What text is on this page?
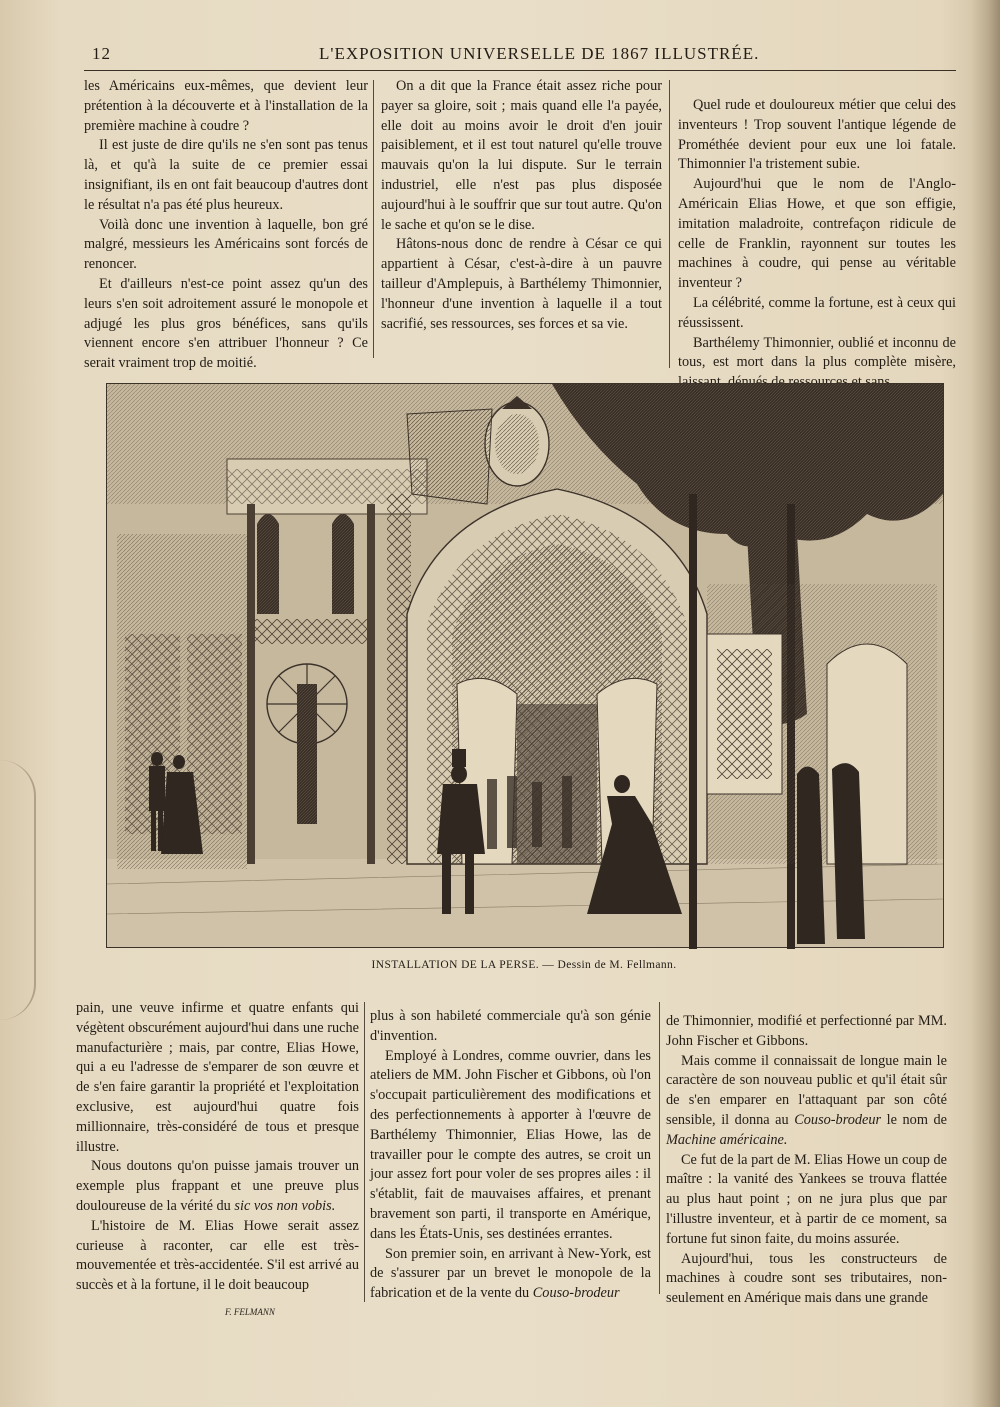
12	L'EXPOSITION UNIVERSELLE DE 1867 ILLUSTRÉE.

les Américains eux-mêmes, que devient leur prétention à la découverte et à l'installation de la première machine à coudre ?

Il est juste de dire qu'ils ne s'en sont pas tenus là, et qu'à la suite de ce premier essai insignifiant, ils en ont fait beaucoup d'autres dont le résultat n'a pas été plus heureux.

Voilà donc une invention à laquelle, bon gré malgré, messieurs les Américains sont forcés de renoncer.

Et d'ailleurs n'est-ce point assez qu'un des leurs s'en soit adroitement assuré le monopole et adjugé les plus gros bénéfices, sans qu'ils viennent encore s'en attribuer l'honneur ? Ce serait vraiment trop de moitié.

On a dit que la France était assez riche pour payer sa gloire, soit ; mais quand elle l'a payée, elle doit au moins avoir le droit d'en jouir paisiblement, et il est tout naturel qu'elle trouve mauvais qu'on la lui dispute. Sur le terrain industriel, elle n'est pas plus disposée aujourd'hui à le souffrir que sur tout autre. Qu'on le sache et qu'on se le dise.

Hâtons-nous donc de rendre à César ce qui appartient à César, c'est-à-dire à un pauvre tailleur d'Amplepuis, à Barthélemy Thimonnier, l'honneur d'une invention à laquelle il a tout sacrifié, ses ressources, ses forces et sa vie.

Quel rude et douloureux métier que celui des inventeurs ! Trop souvent l'antique légende de Prométhée devient pour eux une loi fatale. Thimonnier l'a tristement subie.

Aujourd'hui que le nom de l'Anglo-Américain Elias Howe, et que son effigie, imitation maladroite, contrefaçon ridicule de celle de Franklin, rayonnent sur toutes les machines à coudre, qui pense au véritable inventeur ?

La célébrité, comme la fortune, est à ceux qui réussissent.

Barthélemy Thimonnier, oublié et inconnu de tous, est mort dans la plus complète misère,

F. FELMANN
INSTALLATION DE LA PERSE. — Dessin de M. Fellmann.

pain, une veuve infirme et quatre enfants qui végètent obscurément aujourd'hui dans une ruche manufacturière ; mais, par contre, Elias Howe, qui a eu l'adresse de s'emparer de son œuvre et de s'en faire garantir la propriété et l'exploitation exclusive, est aujourd'hui quatre fois millionnaire, très-considéré de tous et presque illustre.

Nous doutons qu'on puisse jamais trouver un exemple plus frappant et une preuve plus douloureuse de la vérité du sic vos non vobis.

L'histoire de M. Elias Howe serait assez curieuse à raconter, car elle est très-mouvementée et très-accidentée. S'il est arrivé au succès et à la fortune, il le doit beaucoup

plus à son habileté commerciale qu'à son génie d'invention.

Employé à Londres, comme ouvrier, dans les ateliers de MM. John Fischer et Gibbons, où l'on s'occupait particulièrement des modifications et des perfectionnements à apporter à l'œuvre de Barthélemy Thimonnier, Elias Howe, las de travailler pour le compte des autres, se croit un jour assez fort pour voler de ses propres ailes : il s'établit, fait de mauvaises affaires, et prenant bravement son parti, il transporte en Amérique, dans les États-Unis, ses destinées errantes.

Son premier soin, en arrivant à New-York, est de s'assurer par un brevet le monopole de la fabrication et de la vente du Couso-brodeur

de Thimonnier, modifié et perfectionné par MM. John Fischer et Gibbons.

Mais comme il connaissait de longue main le caractère de son nouveau public et qu'il était sûr de s'en emparer en l'attaquant par son côté sensible, il donna au Couso-brodeur le nom de Machine américaine.

Ce fut de la part de M. Elias Howe un coup de maître : la vanité des Yankees se trouva flattée au plus haut point ; on ne jura plus que par l'illustre inventeur, et à partir de ce moment, sa fortune fut sinon faite, du moins assurée.

Aujourd'hui, tous les constructeurs de machines à coudre sont ses tributaires, non-seulement en Amérique mais dans une grande
